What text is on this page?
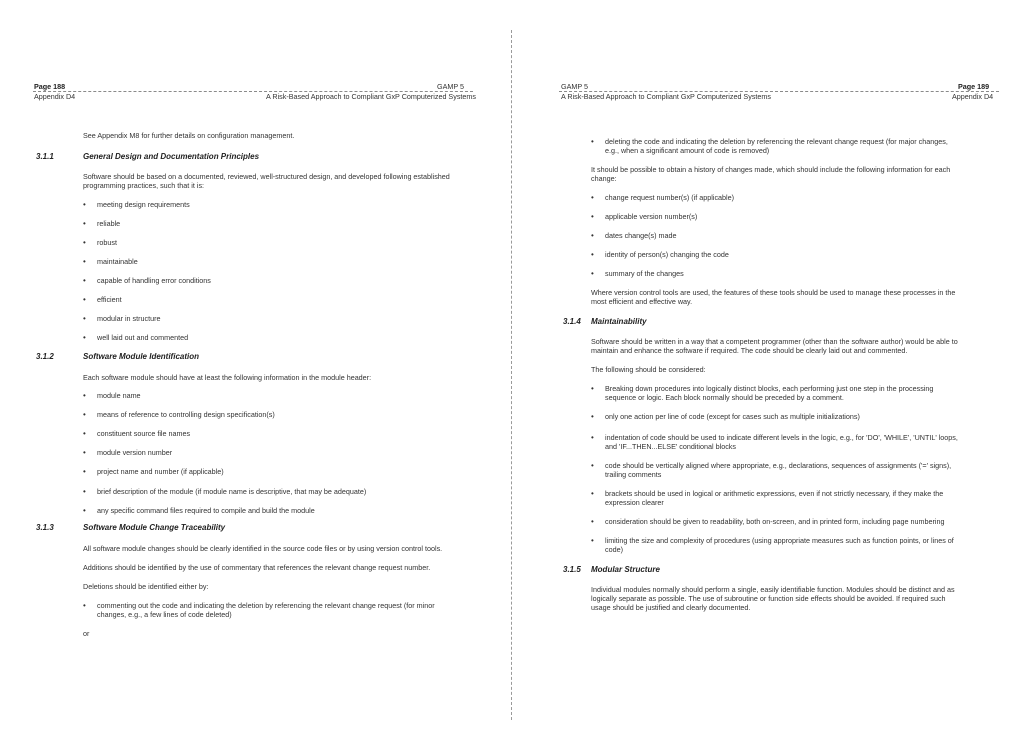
Page 188
Appendix D4
GAMP 5
A Risk-Based Approach to Compliant GxP Computerized Systems
See Appendix M8 for further details on configuration management.
3.1.1	General Design and Documentation Principles
Software should be based on a documented, reviewed, well-structured design, and developed following established
programming practices, such that it is:
• meeting design requirements
• reliable
• robust
• maintainable
• capable of handling error conditions
• efficient
• modular in structure
• well laid out and commented
3.1.2	Software Module Identification
Each software module should have at least the following information in the module header:
• module name
• means of reference to controlling design specification(s)
• constituent source file names
• module version number
• project name and number (if applicable)
• brief description of the module (if module name is descriptive, that may be adequate)
• any specific command files required to compile and build the module
3.1.3	Software Module Change Traceability
All software module changes should be clearly identified in the source code files or by using version control tools.
Additions should be identified by the use of commentary that references the relevant change request number.
Deletions should be identified either by:
• commenting out the code and indicating the deletion by referencing the relevant change request (for minor
changes, e.g., a few lines of code deleted)
or
GAMP 5
A Risk-Based Approach to Compliant GxP Computerized Systems
Page 189
Appendix D4
• deleting the code and indicating the deletion by referencing the relevant change request (for major changes,
e.g., when a significant amount of code is removed)
It should be possible to obtain a history of changes made, which should include the following information for each
change:
• change request number(s) (if applicable)
• applicable version number(s)
• dates change(s) made
• identity of person(s) changing the code
• summary of the changes
Where version control tools are used, the features of these tools should be used to manage these processes in the
most efficient and effective way.
3.1.4 Maintainability
Software should be written in a way that a competent programmer (other than the software author) would be able to
maintain and enhance the software if required. The code should be clearly laid out and commented.
The following should be considered:
• Breaking down procedures into logically distinct blocks, each performing just one step in the processing
sequence or logic. Each block normally should be preceded by a comment.
• only one action per line of code (except for cases such as multiple initializations)
• indentation of code should be used to indicate different levels in the logic, e.g., for 'DO', 'WHILE', 'UNTIL' loops,
and 'IF...THEN...ELSE' conditional blocks
• code should be vertically aligned where appropriate, e.g., declarations, sequences of assignments ('=' signs),
trailing comments
• brackets should be used in logical or arithmetic expressions, even if not strictly necessary, if they make the
expression clearer
• consideration should be given to readability, both on-screen, and in printed form, including page numbering
• limiting the size and complexity of procedures (using appropriate measures such as function points, or lines of
code)
3.1.5 Modular Structure
Individual modules normally should perform a single, easily identifiable function. Modules should be distinct and as
logically separate as possible. The use of subroutine or function side effects should be avoided. If required such
usage should be justified and clearly documented.
